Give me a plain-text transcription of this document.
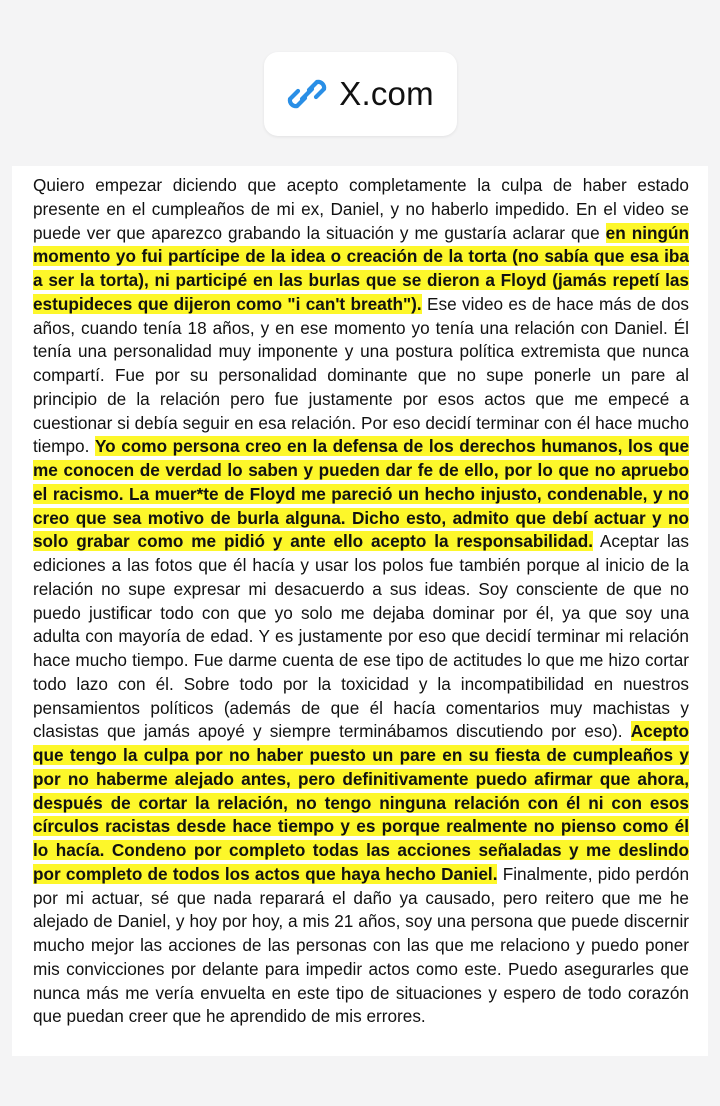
X.com

Quiero empezar diciendo que acepto completamente la culpa de haber estado presente en el cumpleaños de mi ex, Daniel, y no haberlo impedido. En el video se puede ver que aparezco grabando la situación y me gustaría aclarar que en ningún momento yo fui partícipe de la idea o creación de la torta (no sabía que esa iba a ser la torta), ni participé en las burlas que se dieron a Floyd (jamás repetí las estupideces que dijeron como "i can't breath"). Ese video es de hace más de dos años, cuando tenía 18 años, y en ese momento yo tenía una relación con Daniel. Él tenía una personalidad muy imponente y una postura política extremista que nunca compartí. Fue por su personalidad dominante que no supe ponerle un pare al principio de la relación pero fue justamente por esos actos que me empecé a cuestionar si debía seguir en esa relación. Por eso decidí terminar con él hace mucho tiempo. Yo como persona creo en la defensa de los derechos humanos, los que me conocen de verdad lo saben y pueden dar fe de ello, por lo que no apruebo el racismo. La muer*te de Floyd me pareció un hecho injusto, condenable, y no creo que sea motivo de burla alguna. Dicho esto, admito que debí actuar y no solo grabar como me pidió y ante ello acepto la responsabilidad. Aceptar las ediciones a las fotos que él hacía y usar los polos fue también porque al inicio de la relación no supe expresar mi desacuerdo a sus ideas. Soy consciente de que no puedo justificar todo con que yo solo me dejaba dominar por él, ya que soy una adulta con mayoría de edad. Y es justamente por eso que decidí terminar mi relación hace mucho tiempo. Fue darme cuenta de ese tipo de actitudes lo que me hizo cortar todo lazo con él. Sobre todo por la toxicidad y la incompatibilidad en nuestros pensamientos políticos (además de que él hacía comentarios muy machistas y clasistas que jamás apoyé y siempre terminábamos discutiendo por eso). Acepto que tengo la culpa por no haber puesto un pare en su fiesta de cumpleaños y por no haberme alejado antes, pero definitivamente puedo afirmar que ahora, después de cortar la relación, no tengo ninguna relación con él ni con esos círculos racistas desde hace tiempo y es porque realmente no pienso como él lo hacía. Condeno por completo todas las acciones señaladas y me deslindo por completo de todos los actos que haya hecho Daniel. Finalmente, pido perdón por mi actuar, sé que nada reparará el daño ya causado, pero reitero que me he alejado de Daniel, y hoy por hoy, a mis 21 años, soy una persona que puede discernir mucho mejor las acciones de las personas con las que me relaciono y puedo poner mis convicciones por delante para impedir actos como este. Puedo asegurarles que nunca más me vería envuelta en este tipo de situaciones y espero de todo corazón que puedan creer que he aprendido de mis errores.
